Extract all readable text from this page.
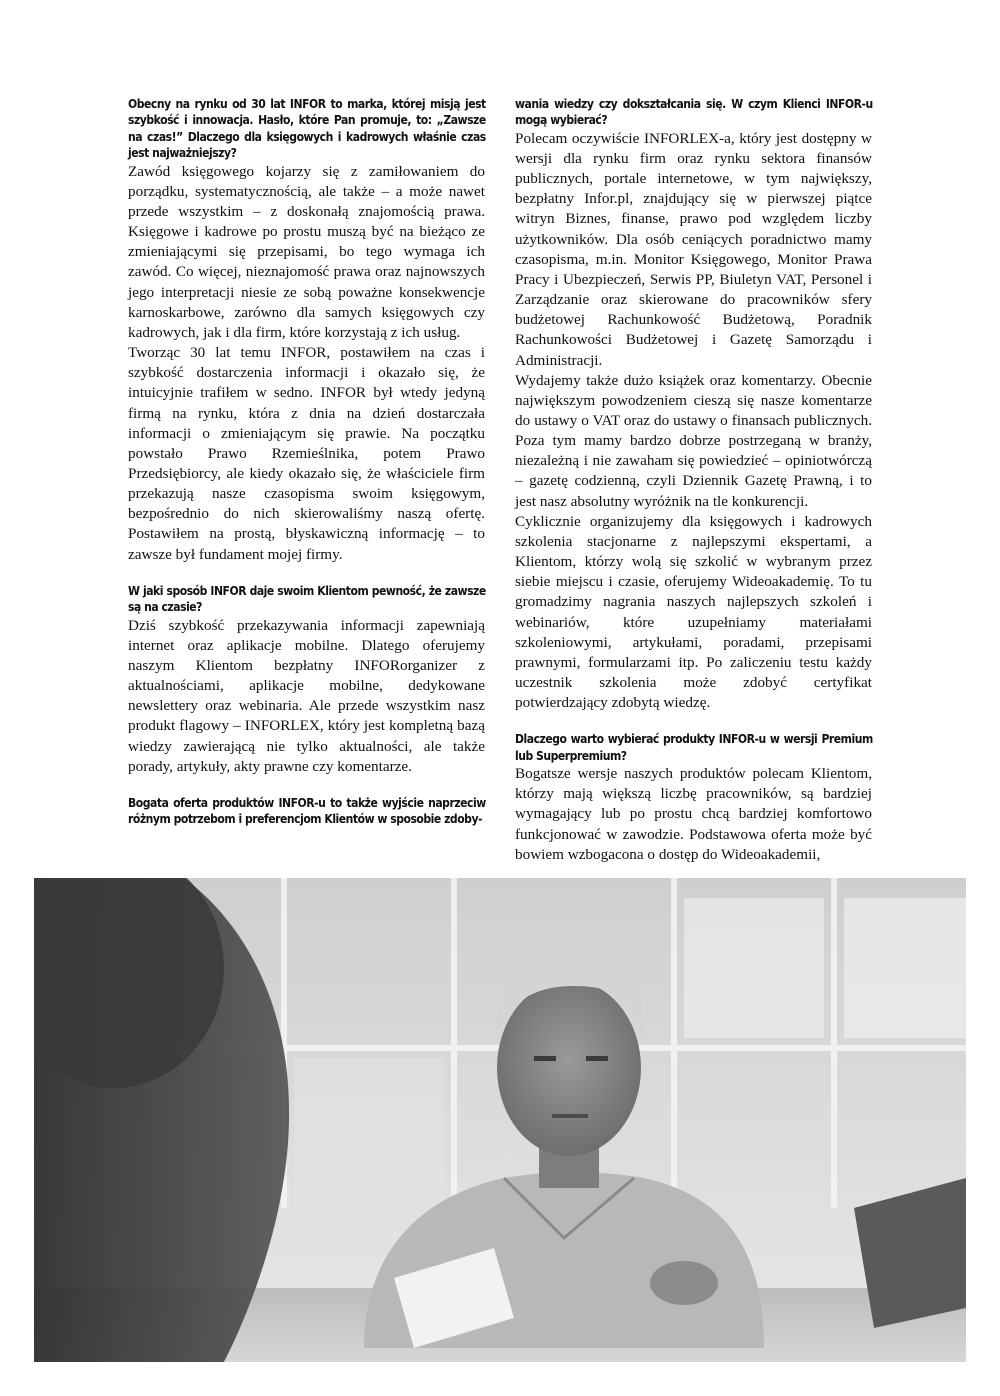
Obecny na rynku od 30 lat INFOR to marka, której misją jest szybkość i innowacja. Hasło, które Pan promuje, to: „Zawsze na czas!” Dlaczego dla księgowych i kadrowych właśnie czas jest najważniejszy?

Zawód księgowego kojarzy się z zamiłowaniem do porządku, systematycznością, ale także – a może nawet przede wszystkim – z doskonałą znajomością prawa. Księgowe i kadrowe po prostu muszą być na bieżąco ze zmieniającymi się przepisami, bo tego wymaga ich zawód. Co więcej, nieznajomość prawa oraz najnowszych jego interpretacji niesie ze sobą poważne konsekwencje karnoskarbowe, zarówno dla samych księgowych czy kadrowych, jak i dla firm, które korzystają z ich usług.

Tworząc 30 lat temu INFOR, postawiłem na czas i szybkość dostarczenia informacji i okazało się, że intuicyjnie trafiłem w sedno. INFOR był wtedy jedyną firmą na rynku, która z dnia na dzień dostarczała informacji o zmieniającym się prawie. Na początku powstało Prawo Rzemieślnika, potem Prawo Przedsiębiorcy, ale kiedy okazało się, że właściciele firm przekazują nasze czasopisma swoim księgowym, bezpośrednio do nich skierowaliśmy naszą ofertę. Postawiłem na prostą, błyskawiczną informację – to zawsze był fundament mojej firmy.

W jaki sposób INFOR daje swoim Klientom pewność, że zawsze są na czasie?

Dziś szybkość przekazywania informacji zapewniają internet oraz aplikacje mobilne. Dlatego oferujemy naszym Klientom bezpłatny INFORorganizer z aktualnościami, aplikacje mobilne, dedykowane newslettery oraz webinaria. Ale przede wszystkim nasz produkt flagowy – INFORLEX, który jest kompletną bazą wiedzy zawierającą nie tylko aktualności, ale także porady, artykuły, akty prawne czy komentarze.

Bogata oferta produktów INFOR-u to także wyjście naprzeciw różnym potrzebom i preferencjom Klientów w sposobie zdoby-

wania wiedzy czy dokształcania się. W czym Klienci INFOR-u mogą wybierać?

Polecam oczywiście INFORLEX-a, który jest dostępny w wersji dla rynku firm oraz rynku sektora finansów publicznych, portale internetowe, w tym największy, bezpłatny Infor.pl, znajdujący się w pierwszej piątce witryn Biznes, finanse, prawo pod względem liczby użytkowników. Dla osób ceniących poradnictwo mamy czasopisma, m.in. Monitor Księgowego, Monitor Prawa Pracy i Ubezpieczeń, Serwis PP, Biuletyn VAT, Personel i Zarządzanie oraz skierowane do pracowników sfery budżetowej Rachunkowość Budżetową, Poradnik Rachunkowości Budżetowej i Gazetę Samorządu i Administracji.

Wydajemy także dużo książek oraz komentarzy. Obecnie największym powodzeniem cieszą się nasze komentarze do ustawy o VAT oraz do ustawy o finansach publicznych. Poza tym mamy bardzo dobrze postrzeganą w branży, niezależną i nie zawaham się powiedzieć – opiniotwórczą – gazetę codzienną, czyli Dziennik Gazetę Prawną, i to jest nasz absolutny wyróżnik na tle konkurencji.

Cyklicznie organizujemy dla księgowych i kadrowych szkolenia stacjonarne z najlepszymi ekspertami, a Klientom, którzy wolą się szkolić w wybranym przez siebie miejscu i czasie, oferujemy Wideoakademię. To tu gromadzimy nagrania naszych najlepszych szkoleń i webinariów, które uzupełniamy materiałami szkoleniowymi, artykułami, poradami, przepisami prawnymi, formularzami itp. Po zaliczeniu testu każdy uczestnik szkolenia może zdobyć certyfikat potwierdzający zdobytą wiedzę.

Dlaczego warto wybierać produkty INFOR-u w wersji Premium lub Superpremium?

Bogatsze wersje naszych produktów polecam Klientom, którzy mają większą liczbę pracowników, są bardziej wymagający lub po prostu chcą bardziej komfortowo funkcjonować w zawodzie. Podstawowa oferta może być bowiem wzbogacona o dostęp do Wideoakademii,
